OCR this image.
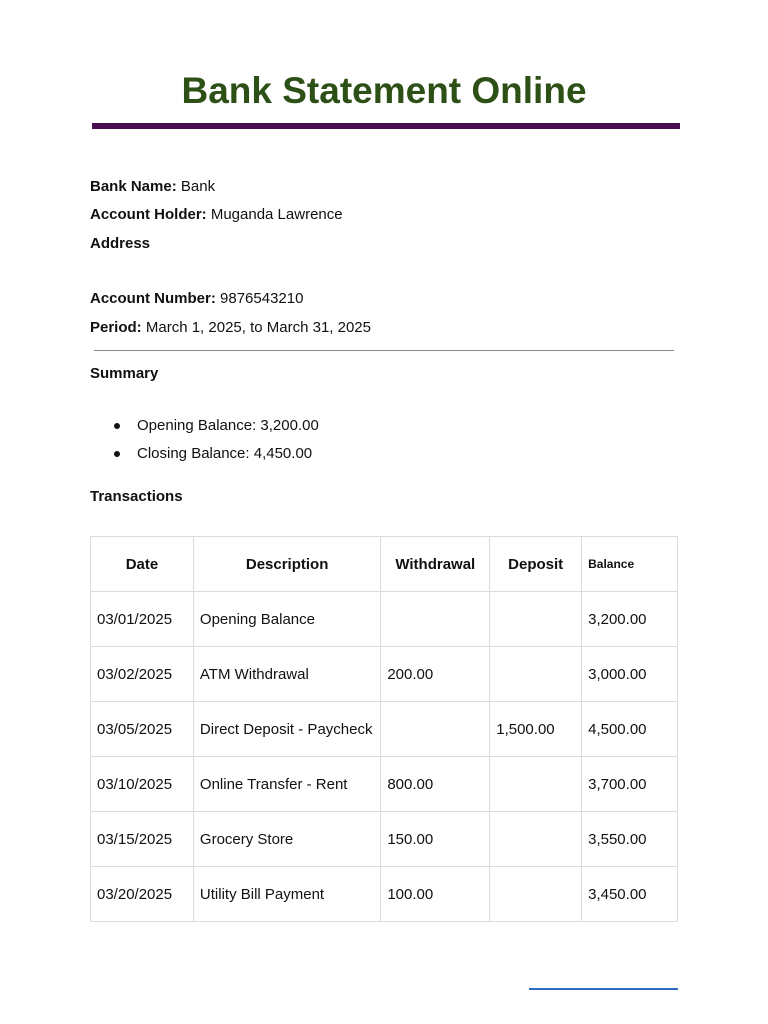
Bank Statement Online
Bank Name: Bank
Account Holder: Muganda Lawrence
Address
Account Number: 9876543210
Period: March 1, 2025, to March 31, 2025
Summary
Opening Balance: 3,200.00
Closing Balance: 4,450.00
Transactions
Date	Description	Withdrawal	Deposit	Balance
03/01/2025	Opening Balance			3,200.00
03/02/2025	ATM Withdrawal	200.00		3,000.00
03/05/2025	Direct Deposit - Paycheck		1,500.00	4,500.00
03/10/2025	Online Transfer - Rent	800.00		3,700.00
03/15/2025	Grocery Store	150.00		3,550.00
03/20/2025	Utility Bill Payment	100.00		3,450.00
